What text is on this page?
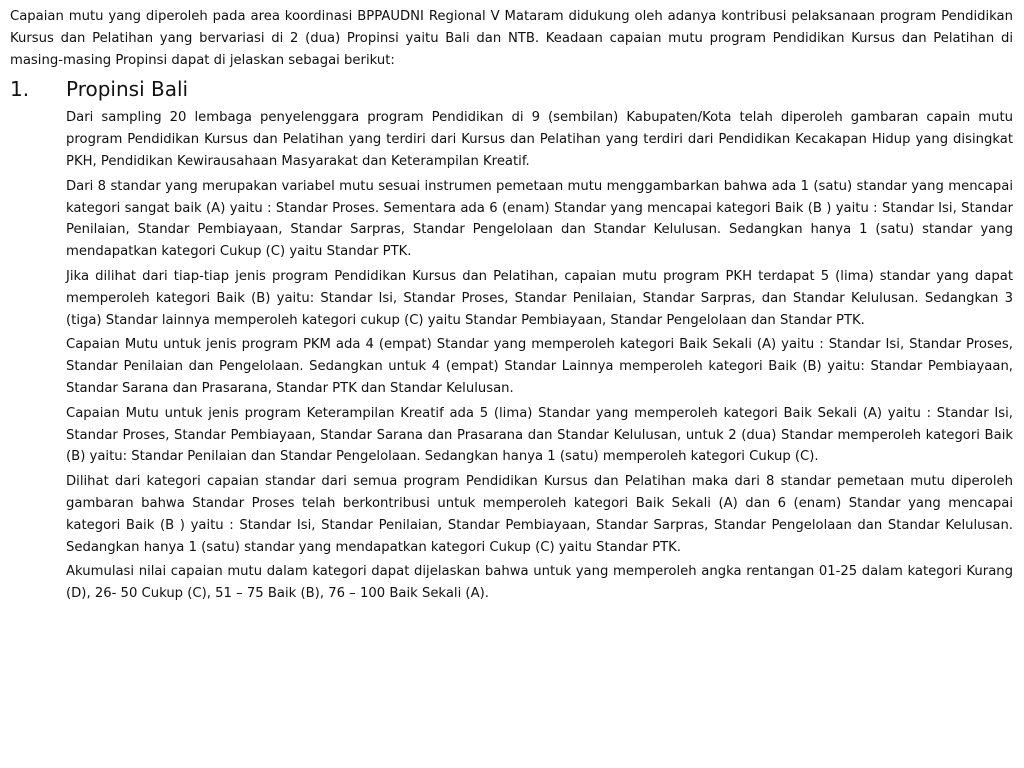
Capaian mutu yang diperoleh pada area koordinasi BPPAUDNI Regional V Mataram didukung oleh adanya kontribusi pelaksanaan program Pendidikan Kursus dan Pelatihan yang bervariasi di 2 (dua) Propinsi yaitu Bali dan NTB. Keadaan capaian mutu program Pendidikan Kursus dan Pelatihan di masing-masing Propinsi dapat di jelaskan sebagai berikut:

1.	Propinsi Bali

Dari sampling 20 lembaga penyelenggara program Pendidikan di 9 (sembilan) Kabupaten/Kota telah diperoleh gambaran capain mutu program Pendidikan Kursus dan Pelatihan yang terdiri dari Kursus dan Pelatihan yang terdiri dari Pendidikan Kecakapan Hidup yang disingkat PKH, Pendidikan Kewirausahaan Masyarakat dan Keterampilan Kreatif.

Dari 8 standar yang merupakan variabel mutu sesuai instrumen pemetaan mutu menggambarkan bahwa ada 1 (satu) standar yang mencapai kategori sangat baik (A) yaitu : Standar Proses. Sementara ada 6 (enam) Standar yang mencapai kategori Baik (B ) yaitu : Standar Isi, Standar Penilaian, Standar Pembiayaan, Standar Sarpras, Standar Pengelolaan dan Standar Kelulusan. Sedangkan hanya 1 (satu) standar yang mendapatkan kategori Cukup (C) yaitu Standar PTK.

Jika dilihat dari tiap-tiap jenis program Pendidikan Kursus dan Pelatihan, capaian mutu program PKH terdapat 5 (lima) standar yang dapat memperoleh kategori Baik (B) yaitu: Standar Isi, Standar Proses, Standar Penilaian, Standar Sarpras, dan Standar Kelulusan. Sedangkan 3 (tiga) Standar lainnya memperoleh kategori cukup (C) yaitu Standar Pembiayaan, Standar Pengelolaan dan Standar PTK.

Capaian Mutu untuk jenis program PKM ada 4 (empat) Standar yang memperoleh kategori Baik Sekali (A) yaitu : Standar Isi, Standar Proses, Standar Penilaian dan Pengelolaan. Sedangkan untuk 4 (empat) Standar Lainnya memperoleh kategori Baik (B) yaitu: Standar Pembiayaan, Standar Sarana dan Prasarana, Standar PTK dan Standar Kelulusan.

Capaian Mutu untuk jenis program Keterampilan Kreatif ada 5 (lima) Standar yang memperoleh kategori Baik Sekali (A) yaitu : Standar Isi, Standar Proses, Standar Pembiayaan, Standar Sarana dan Prasarana dan Standar Kelulusan, untuk 2 (dua) Standar memperoleh kategori Baik (B) yaitu: Standar Penilaian dan Standar Pengelolaan. Sedangkan hanya 1 (satu) memperoleh kategori Cukup (C).

Dilihat dari kategori capaian standar dari semua program Pendidikan Kursus dan Pelatihan maka dari 8 standar pemetaan mutu diperoleh gambaran bahwa Standar Proses telah berkontribusi untuk memperoleh kategori Baik Sekali (A) dan 6 (enam) Standar yang mencapai kategori Baik (B ) yaitu : Standar Isi, Standar Penilaian, Standar Pembiayaan, Standar Sarpras, Standar Pengelolaan dan Standar Kelulusan. Sedangkan hanya 1 (satu) standar yang mendapatkan kategori Cukup (C) yaitu Standar PTK.

Akumulasi nilai capaian mutu dalam kategori dapat dijelaskan bahwa untuk yang memperoleh angka rentangan 01-25 dalam kategori Kurang (D), 26- 50 Cukup (C), 51 – 75 Baik (B), 76 – 100 Baik Sekali (A).
